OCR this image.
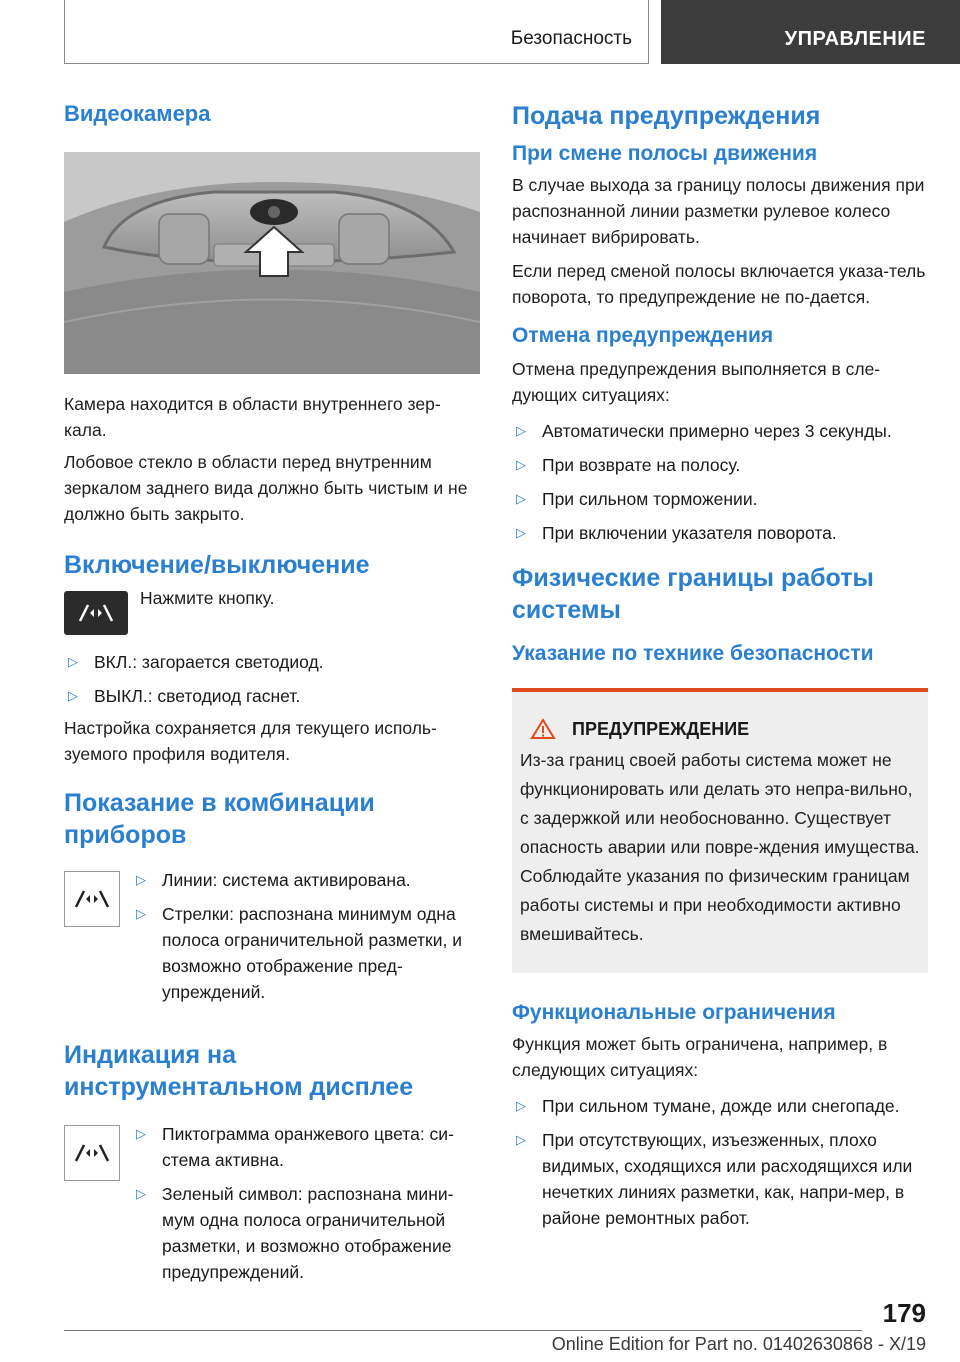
Безопасность	УПРАВЛЕНИЕ
Видеокамера

Камера находится в области внутреннего зер-кала.

Лобовое стекло в области перед внутренним зеркалом заднего вида должно быть чистым и не должно быть закрыто.

Включение/выключение

Нажмите кнопку.

▷ ВКЛ.: загорается светодиод.
▷ ВЫКЛ.: светодиод гаснет.

Настройка сохраняется для текущего исполь-зуемого профиля водителя.

Показание в комбинации приборов
▷ Линии: система активирована.
▷ Стрелки: распознана минимум одна полоса ограничительной разметки, и возможно отображение пред-упреждений.
Индикация на инструментальном дисплее
▷ Пиктограмма оранжевого цвета: си-стема активна.
▷ Зеленый символ: распознана мини-мум одна полоса ограничительной разметки, и возможно отображение предупреждений.
Подача предупреждения
При смене полосы движения

В случае выхода за границу полосы движения при распознанной линии разметки рулевое колесо начинает вибрировать.

Если перед сменой полосы включается указа-тель поворота, то предупреждение не по-дается.

Отмена предупреждения

Отмена предупреждения выполняется в сле-дующих ситуациях:

▷ Автоматически примерно через 3 секунды.
▷ При возврате на полосу.
▷ При сильном торможении.
▷ При включении указателя поворота.
Физические границы работы системы
Указание по технике безопасности
ПРЕДУПРЕЖДЕНИЕ

Из-за границ своей работы система может не функционировать или делать это непра-вильно, с задержкой или необоснованно. Существует опасность аварии или повре-ждения имущества. Соблюдайте указания по физическим границам работы системы и при необходимости активно вмешивайтесь.

Функциональные ограничения

Функция может быть ограничена, например, в следующих ситуациях:

▷ При сильном тумане, дожде или снегопаде.
▷ При отсутствующих, изъезженных, плохо видимых, сходящихся или расходящихся или нечетких линиях разметки, как, напри-мер, в районе ремонтных работ.
179
Online Edition for Part no. 01402630868 - X/19
